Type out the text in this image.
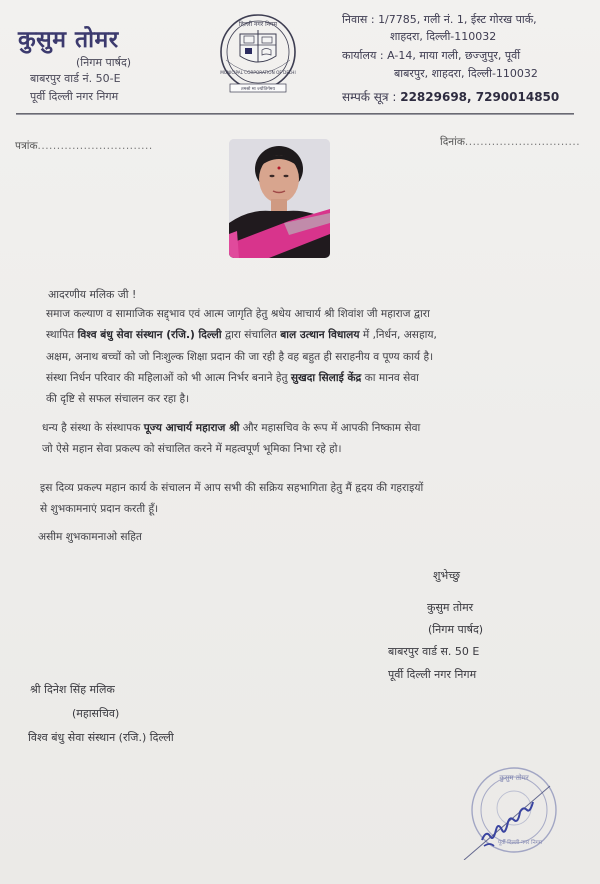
कुसुम तोमर
(निगम पार्षद)
बाबरपुर वार्ड नं. 50-E
पूर्वी दिल्ली नगर निगम
दिल्ली नगर निगम
MUNICIPAL CORPORATION OF DELHI
तमसो मा ज्योतिर्गमय
निवास : 1/7785, गली नं. 1, ईस्ट गोरख पार्क,
शाहदरा, दिल्ली-110032
कार्यालय : A-14, माया गली, छज्जुपुर, पूर्वी
बाबरपुर, शाहदरा, दिल्ली-110032
सम्पर्क सूत्र : 22829698, 7290014850
पत्रांक..............................	दिनांक..............................
आदरणीय मलिक जी !
समाज कल्याण व सामाजिक सद्द्भाव एवं आत्म जागृति हेतु श्रधेय आचार्य श्री शिवांश जी महाराज द्वारा
स्थापित विश्व बंधु सेवा संस्थान (रजि.) दिल्ली द्वारा संचालित बाल उत्थान विधालय में ,निर्धन, असहाय,
अक्षम, अनाथ बच्चों को जो निःशुल्क शिक्षा प्रदान की जा रही है वह बहुत ही सराहनीय व पूण्य कार्य है।
संस्था निर्धन परिवार की महिलाओं को भी आत्म निर्भर बनाने हेतु सुखदा सिलाई केंद्र का मानव सेवा
की दृष्टि से सफल संचालन कर रहा है।
धन्य है संस्था के संस्थापक पूज्य आचार्य महाराज श्री और महासचिव के रूप में आपकी निष्काम सेवा
जो ऐसे महान सेवा प्रकल्प को संचालित करने में महत्वपूर्ण भूमिका निभा रहे हो।
इस दिव्य प्रकल्प महान कार्य के संचालन में आप सभी की सक्रिय सहभागिता हेतु मैं हृदय की गहराइयों
से शुभकामनाएं प्रदान करती हूँ।
असीम शुभकामनाओ सहित
शुभेच्छु
कुसुम तोमर
(निगम पार्षद)
बाबरपुर वार्ड स. 50 E
पूर्वी दिल्ली नगर निगम
श्री दिनेश सिंह मलिक
(महासचिव)
विश्व बंधु सेवा संस्थान (रजि.) दिल्ली
कुसुम तोमर
पूर्वी दिल्ली नगर निगम
